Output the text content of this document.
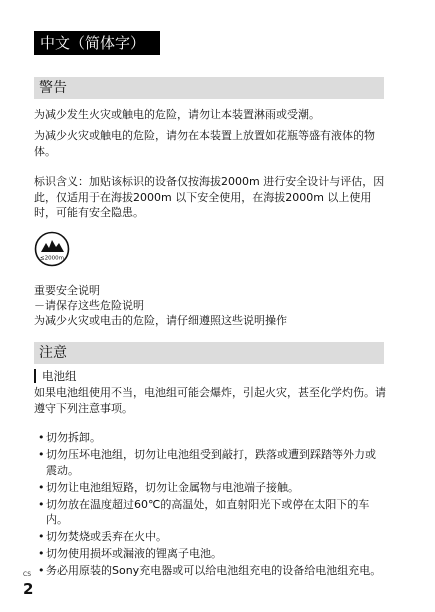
中文（简体字）
警告

为减少发生火灾或触电的危险，请勿让本装置淋雨或受潮。

为减少火灾或触电的危险，请勿在本装置上放置如花瓶等盛有液体的物体。

标识含义：加贴该标识的设备仅按海拔2000m 进行安全设计与评估，因此，仅适用于在海拔2000m 以下安全使用，在海拔2000m 以上使用时，可能有安全隐患。

≤2000m

重要安全说明

－请保存这些危险说明

为减少火灾或电击的危险，请仔细遵照这些说明操作

注意
电池组

如果电池组使用不当，电池组可能会爆炸，引起火灾，甚至化学灼伤。请遵守下列注意事项。

• 切勿拆卸。
• 切勿压坏电池组，切勿让电池组受到敲打，跌落或遭到踩踏等外力或震动。
• 切勿让电池组短路，切勿让金属物与电池端子接触。
• 切勿放在温度超过60℃的高温处，如直射阳光下或停在太阳下的车内。
• 切勿焚烧或丢弃在火中。
• 切勿使用损坏或漏液的锂离子电池。
• 务必用原装的Sony充电器或可以给电池组充电的设备给电池组充电。
CS
2
